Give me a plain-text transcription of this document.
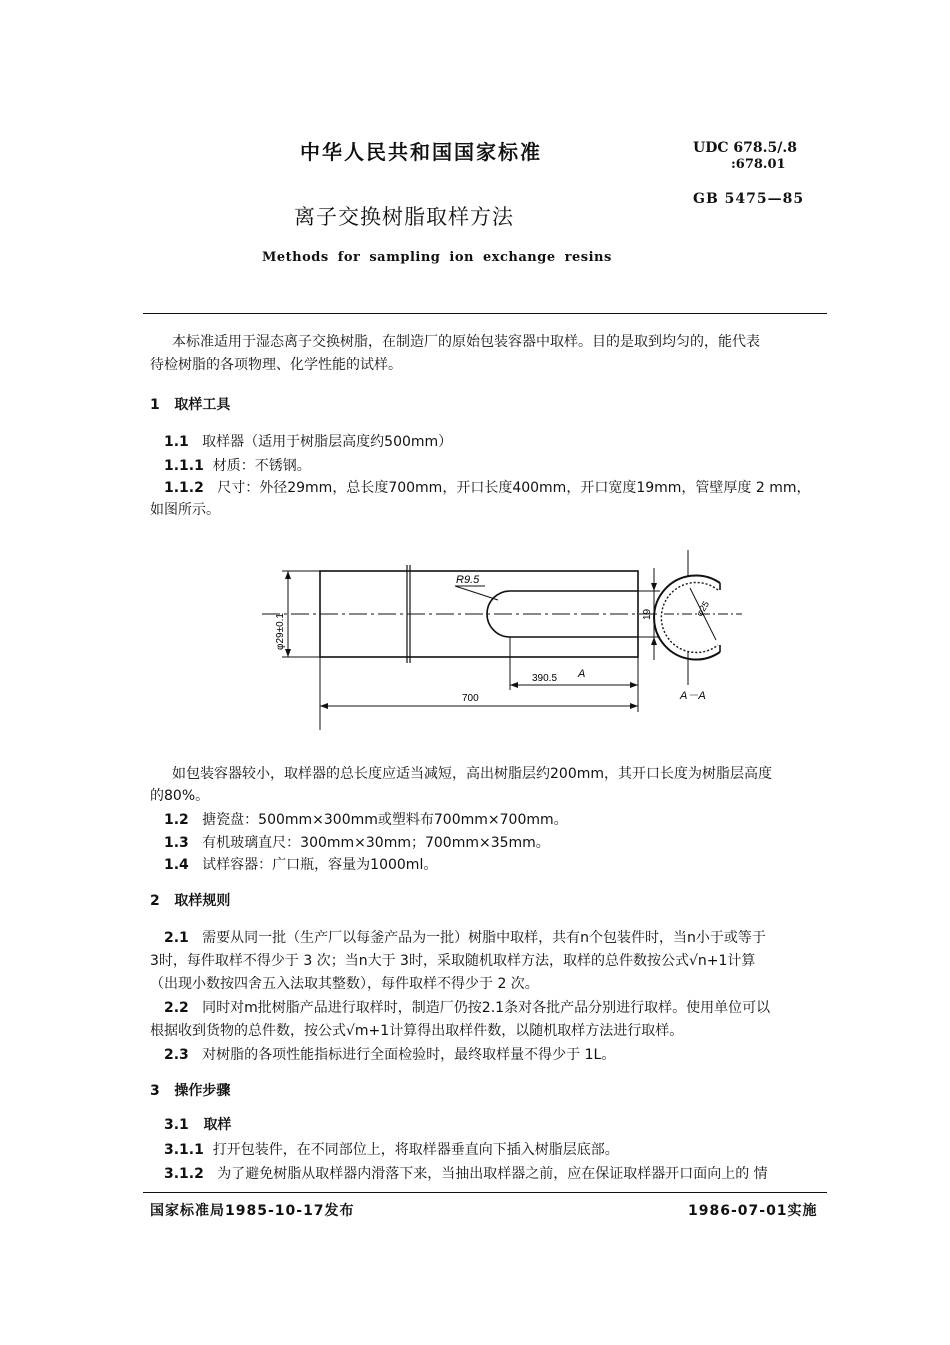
中华人民共和国国家标准	UDC 678.5/.8
:678.01
GB 5475—85
离子交换树脂取样方法
Methods for sampling ion exchange resins
本标准适用于湿态离子交换树脂，在制造厂的原始包装容器中取样。目的是取到均匀的，能代表
待检树脂的各项物理、化学性能的试样。
1 取样工具
1.1 取样器（适用于树脂层高度约500mm）
1.1.1 材质：不锈钢。
1.1.2 尺寸：外径29mm，总长度700mm，开口长度400mm，开口宽度19mm，管壁厚度 2 mm，
如图所示。
R9.5
φ29±0.1	19
390.5 A
700
φ25
A－A
如包装容器较小，取样器的总长度应适当减短，高出树脂层约200mm，其开口长度为树脂层高度
的80%。
1.2 搪瓷盘：500mm×300mm或塑料布700mm×700mm。
1.3 有机玻璃直尺：300mm×30mm；700mm×35mm。
1.4 试样容器：广口瓶，容量为1000ml。
2 取样规则
2.1 需要从同一批（生产厂以每釜产品为一批）树脂中取样，共有n个包装件时，当n小于或等于
3时，每件取样不得少于 3 次；当n大于 3时，采取随机取样方法，取样的总件数按公式√n+1计算
（出现小数按四舍五入法取其整数），每件取样不得少于 2 次。
2.2 同时对m批树脂产品进行取样时，制造厂仍按2.1条对各批产品分别进行取样。使用单位可以
根据收到货物的总件数，按公式√m+1计算得出取样件数，以随机取样方法进行取样。
2.3 对树脂的各项性能指标进行全面检验时，最终取样量不得少于 1L。
3 操作步骤
3.1 取样
3.1.1 打开包装件，在不同部位上，将取样器垂直向下插入树脂层底部。
3.1.2 为了避免树脂从取样器内滑落下来，当抽出取样器之前，应在保证取样器开口面向上的 情
国家标准局1985-10-17发布	1986-07-01实施
